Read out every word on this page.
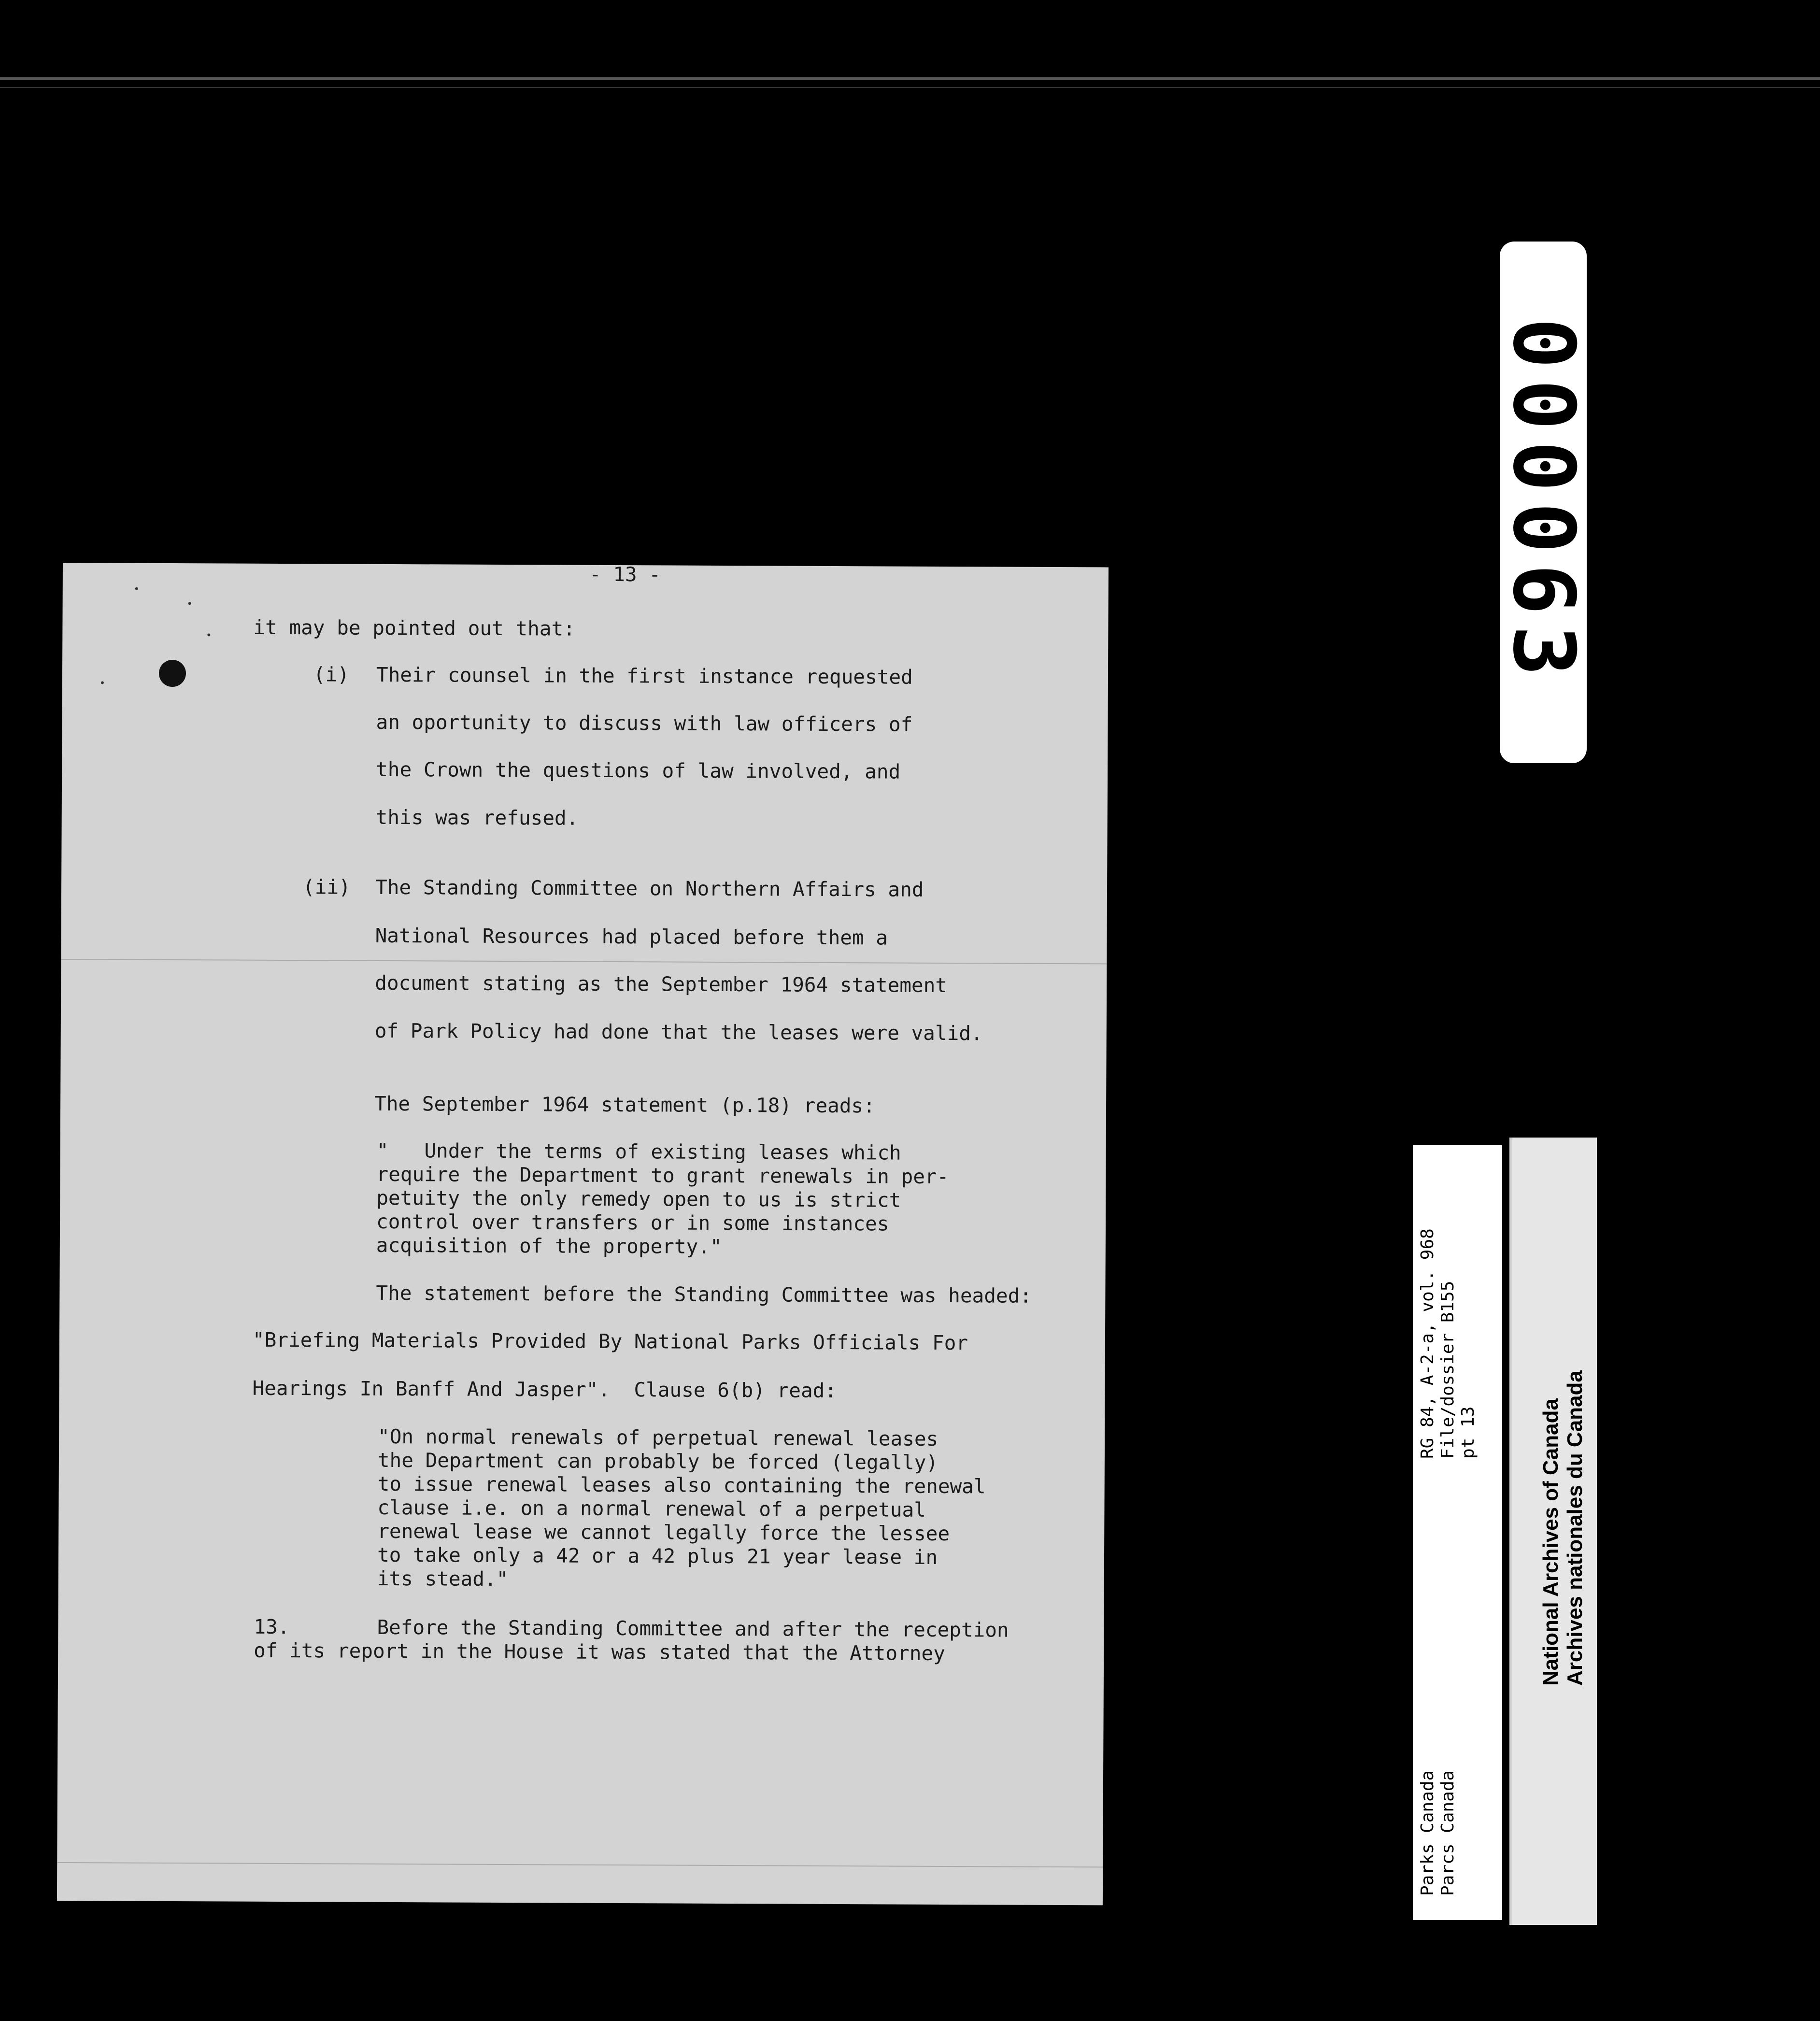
- 13 -
it may be pointed out that:
(i) Their counsel in the first instance requested
an oportunity to discuss with law officers of
the Crown the questions of law involved, and
this was refused.
(ii) The Standing Committee on Northern Affairs and
National Resources had placed before them a
document stating as the September 1964 statement
of Park Policy had done that the leases were valid.
The September 1964 statement (p.18) reads:
"   Under the terms of existing leases which
require the Department to grant renewals in per-
petuity the only remedy open to us is strict
control over transfers or in some instances
acquisition of the property."
The statement before the Standing Committee was headed:
"Briefing Materials Provided By National Parks Officials For
Hearings In Banff And Jasper".  Clause 6(b) read:
"On normal renewals of perpetual renewal leases
the Department can probably be forced (legally)
to issue renewal leases also containing the renewal
clause i.e. on a normal renewal of a perpetual
renewal lease we cannot legally force the lessee
to take only a 42 or a 42 plus 21 year lease in
its stead."
13.	Before the Standing Committee and after the reception
of its report in the House it was stated that the Attorney
000063
Parks Canada Parcs Canada
RG 84, A-2-a, vol. 968 File/dossier B155 pt 13	National Archives of Canada Archives nationales du Canada
